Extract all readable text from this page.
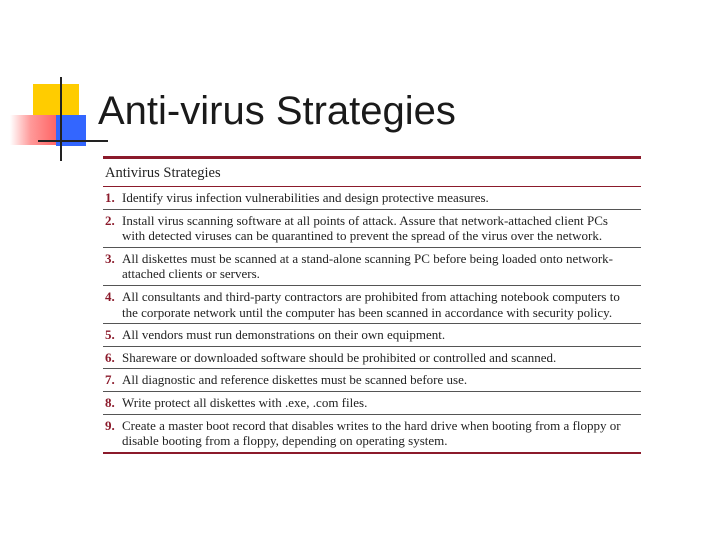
Anti-virus Strategies
Antivirus Strategies
1. Identify virus infection vulnerabilities and design protective measures.
2. Install virus scanning software at all points of attack. Assure that network-attached client PCs with detected viruses can be quarantined to prevent the spread of the virus over the network.
3. All diskettes must be scanned at a stand-alone scanning PC before being loaded onto network-attached clients or servers.
4. All consultants and third-party contractors are prohibited from attaching notebook computers to the corporate network until the computer has been scanned in accordance with security policy.
5. All vendors must run demonstrations on their own equipment.
6. Shareware or downloaded software should be prohibited or controlled and scanned.
7. All diagnostic and reference diskettes must be scanned before use.
8. Write protect all diskettes with .exe, .com files.
9. Create a master boot record that disables writes to the hard drive when booting from a floppy or disable booting from a floppy, depending on operating system.
